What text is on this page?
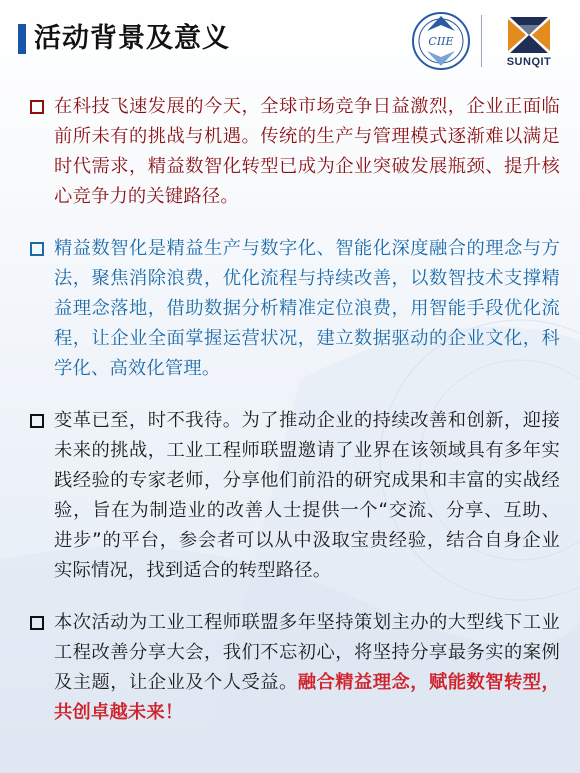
活动背景及意义	CIIE
SUNQIT
在科技飞速发展的今天，全球市场竞争日益激烈，企业正面临前所未有的挑战与机遇。传统的生产与管理模式逐渐难以满足时代需求，精益数智化转型已成为企业突破发展瓶颈、提升核心竞争力的关键路径。
精益数智化是精益生产与数字化、智能化深度融合的理念与方法，聚焦消除浪费，优化流程与持续改善，以数智技术支撑精益理念落地，借助数据分析精准定位浪费，用智能手段优化流程，让企业全面掌握运营状况，建立数据驱动的企业文化，科学化、高效化管理。
变革已至，时不我待。为了推动企业的持续改善和创新，迎接未来的挑战，工业工程师联盟邀请了业界在该领域具有多年实践经验的专家老师，分享他们前沿的研究成果和丰富的实战经验，旨在为制造业的改善人士提供一个“交流、分享、互助、进步”的平台，参会者可以从中汲取宝贵经验，结合自身企业实际情况，找到适合的转型路径。
本次活动为工业工程师联盟多年坚持策划主办的大型线下工业工程改善分享大会，我们不忘初心，将坚持分享最务实的案例及主题，让企业及个人受益。融合精益理念，赋能数智转型，共创卓越未来！
